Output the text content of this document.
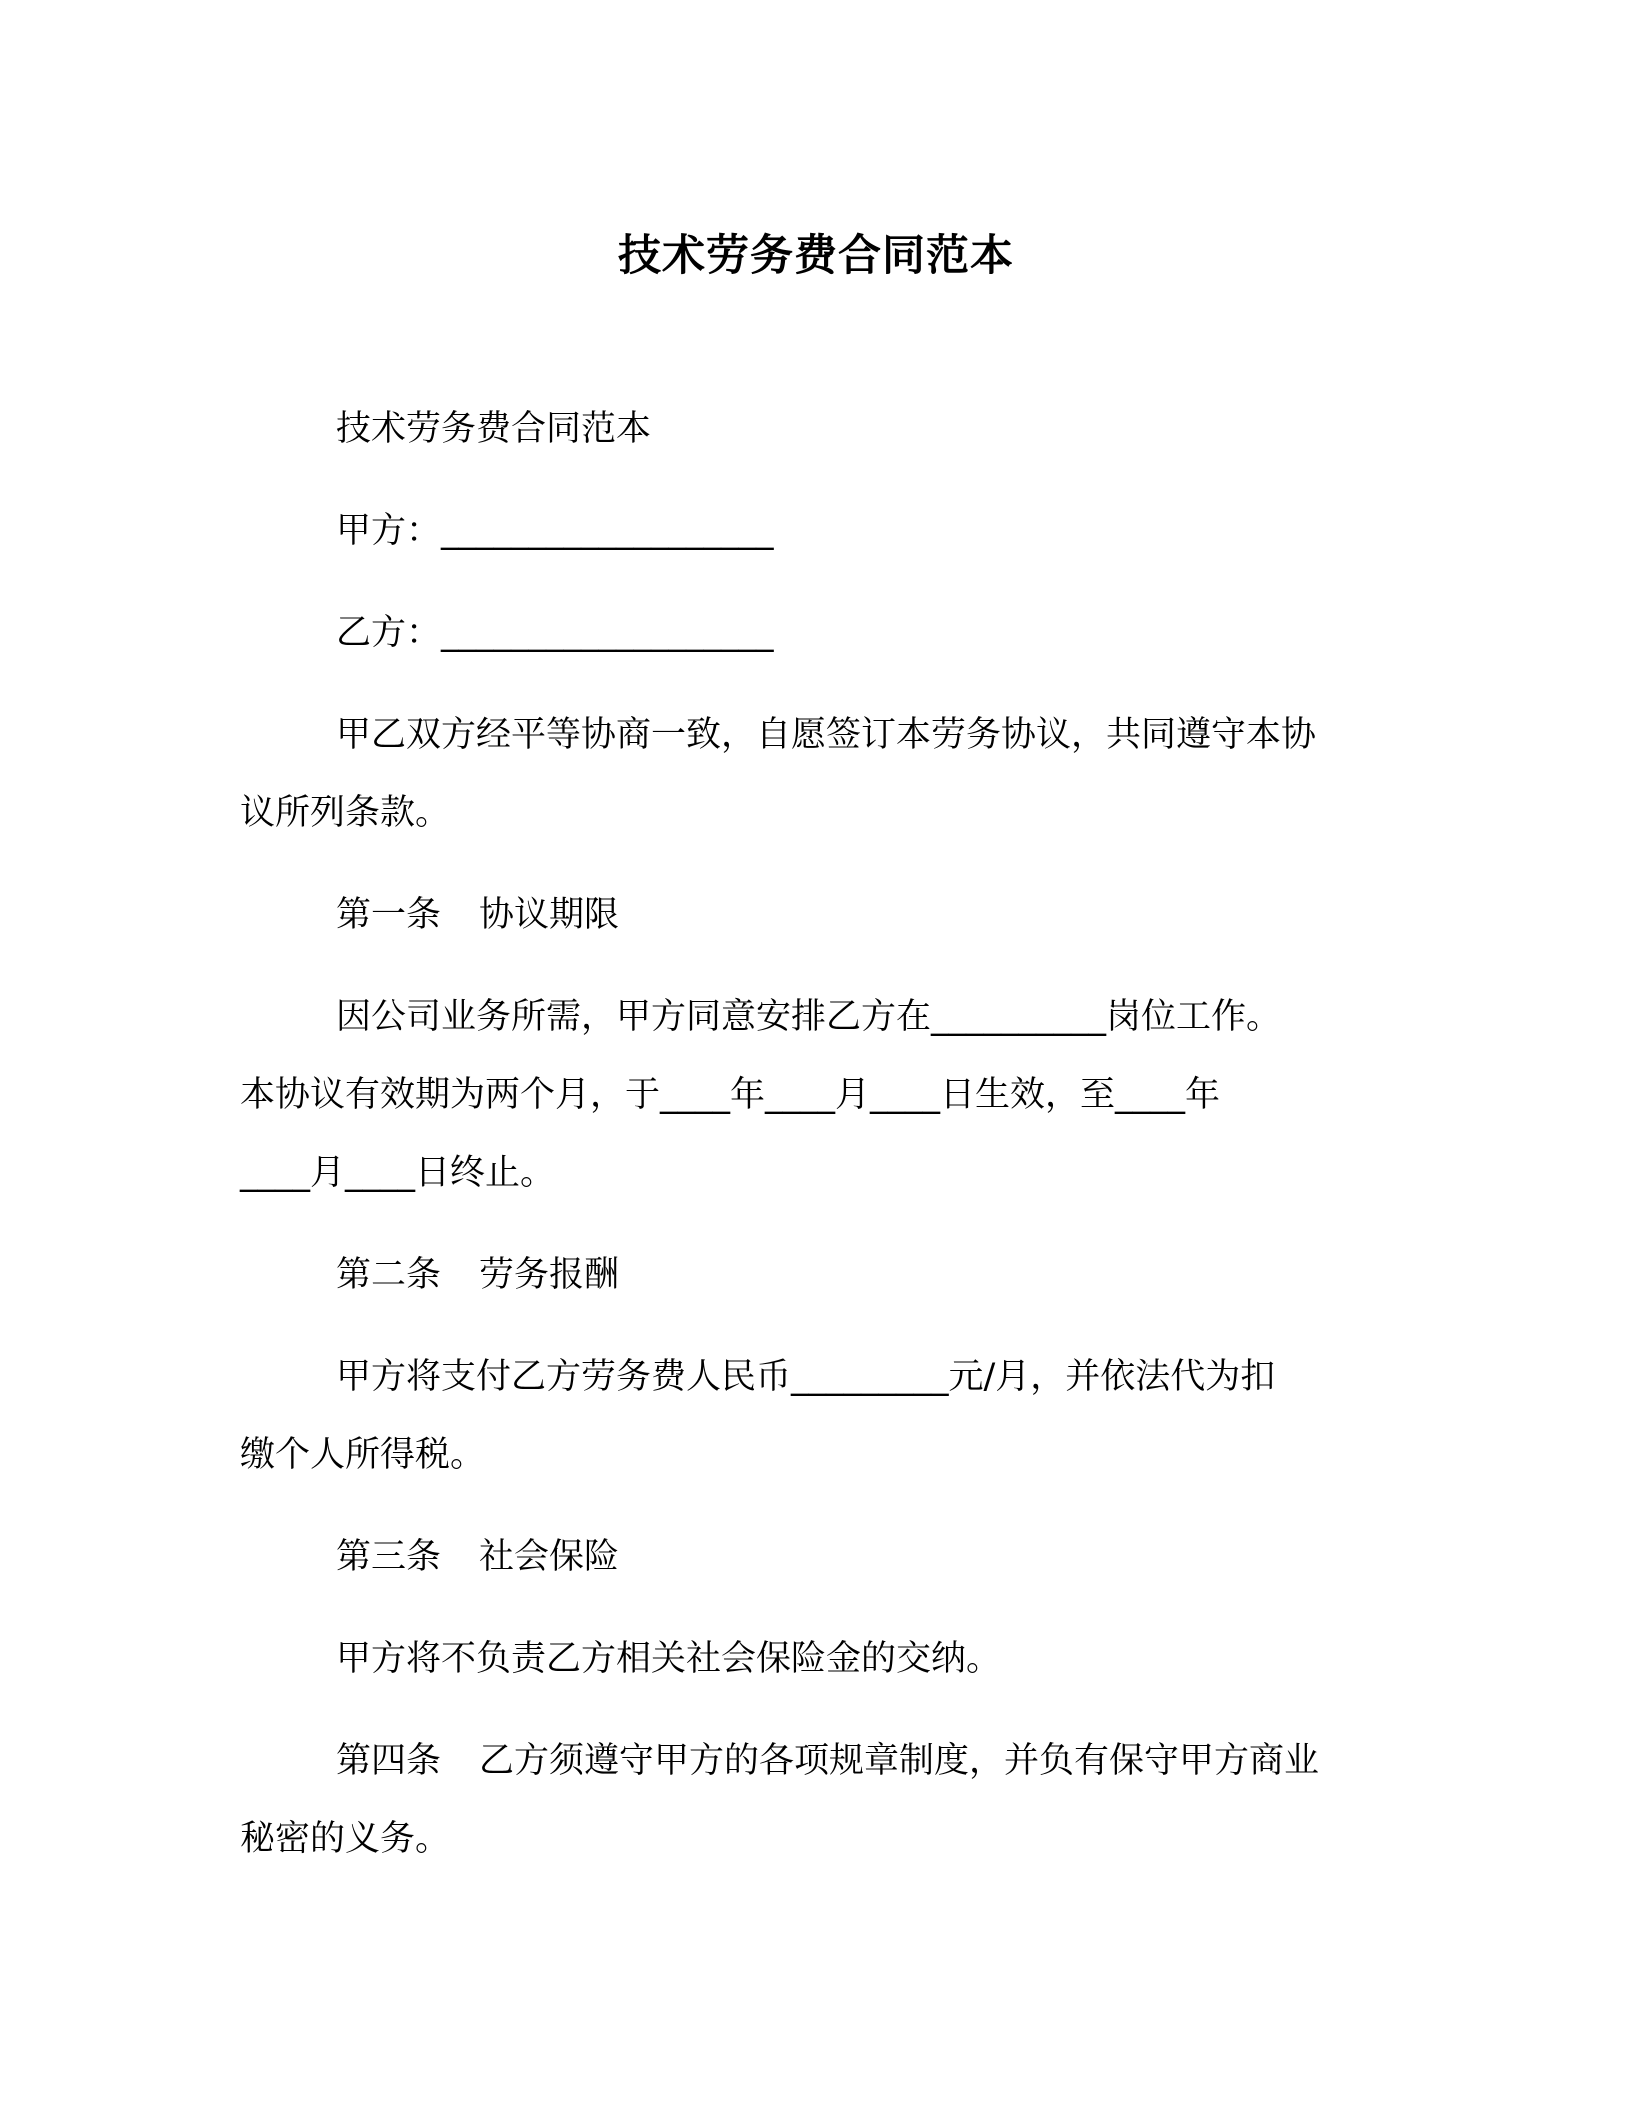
技术劳务费合同范本
技术劳务费合同范本
甲方：___________________
乙方：___________________
甲乙双方经平等协商一致，自愿签订本劳务协议，共同遵守本协
议所列条款。
第一条 协议期限
因公司业务所需，甲方同意安排乙方在__________岗位工作。
本协议有效期为两个月，于____年____月____日生效，至____年
____月____日终止。
第二条 劳务报酬
甲方将支付乙方劳务费人民币_________元/月，并依法代为扣
缴个人所得税。
第三条 社会保险
甲方将不负责乙方相关社会保险金的交纳。
第四条 乙方须遵守甲方的各项规章制度，并负有保守甲方商业
秘密的义务。
